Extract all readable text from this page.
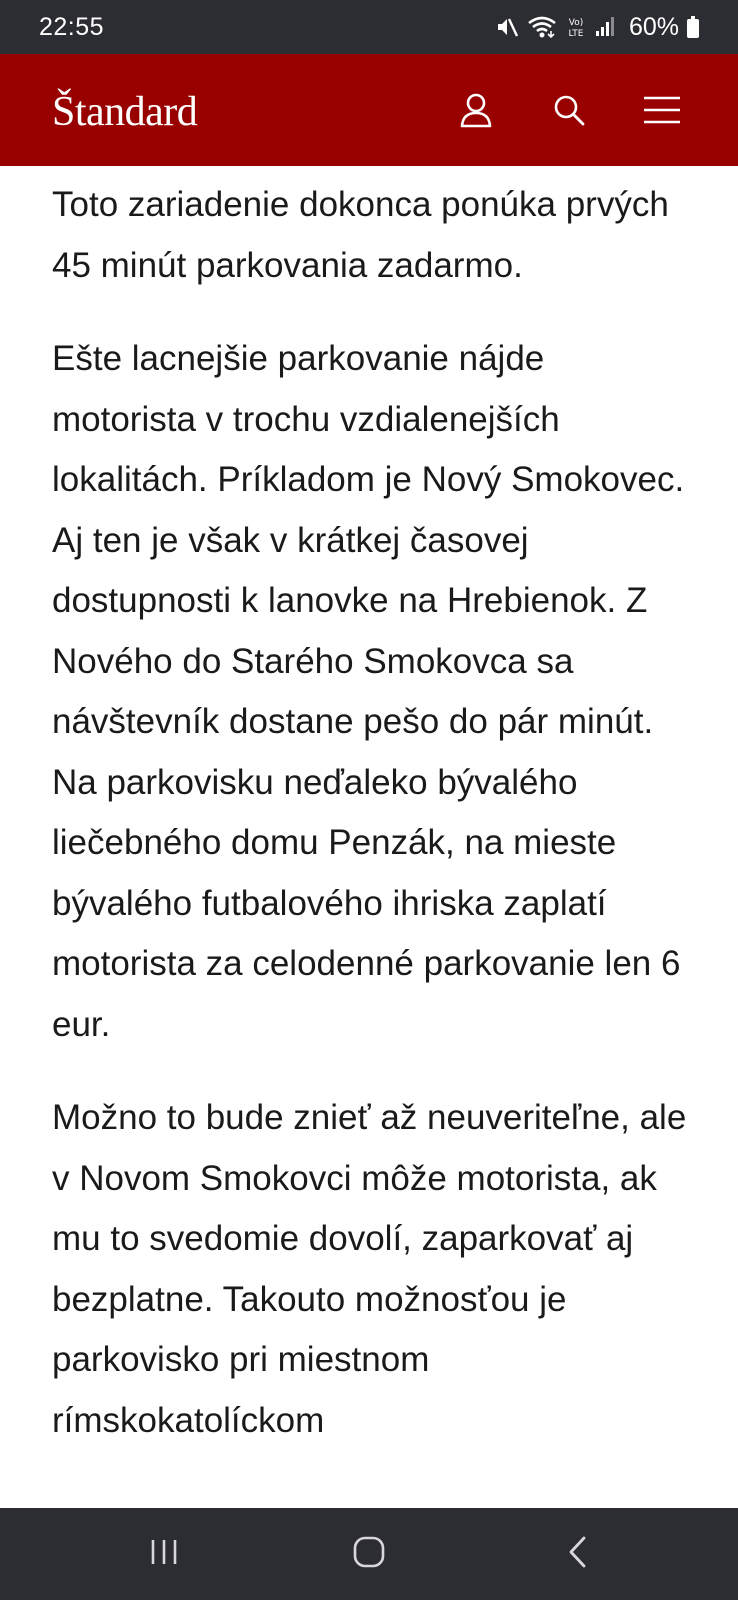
22:55	Vo)
LTE 60%
Štandard

Toto zariadenie dokonca ponúka prvých 45 minút parkovania zadarmo.

Ešte lacnejšie parkovanie nájde motorista v trochu vzdialenejších lokalitách. Príkladom je Nový Smokovec. Aj ten je však v krátkej časovej dostupnosti k lanovke na Hrebienok. Z Nového do Starého Smokovca sa návštevník dostane pešo do pár minút. Na parkovisku neďaleko bývalého liečebného domu Penzák, na mieste bývalého futbalového ihriska zaplatí motorista za celodenné parkovanie len 6 eur.

Možno to bude znieť až neuveriteľne, ale v Novom Smokovci môže motorista, ak mu to svedomie dovolí, zaparkovať aj bezplatne. Takouto možnosťou je parkovisko pri miestnom rímskokatolíckom
